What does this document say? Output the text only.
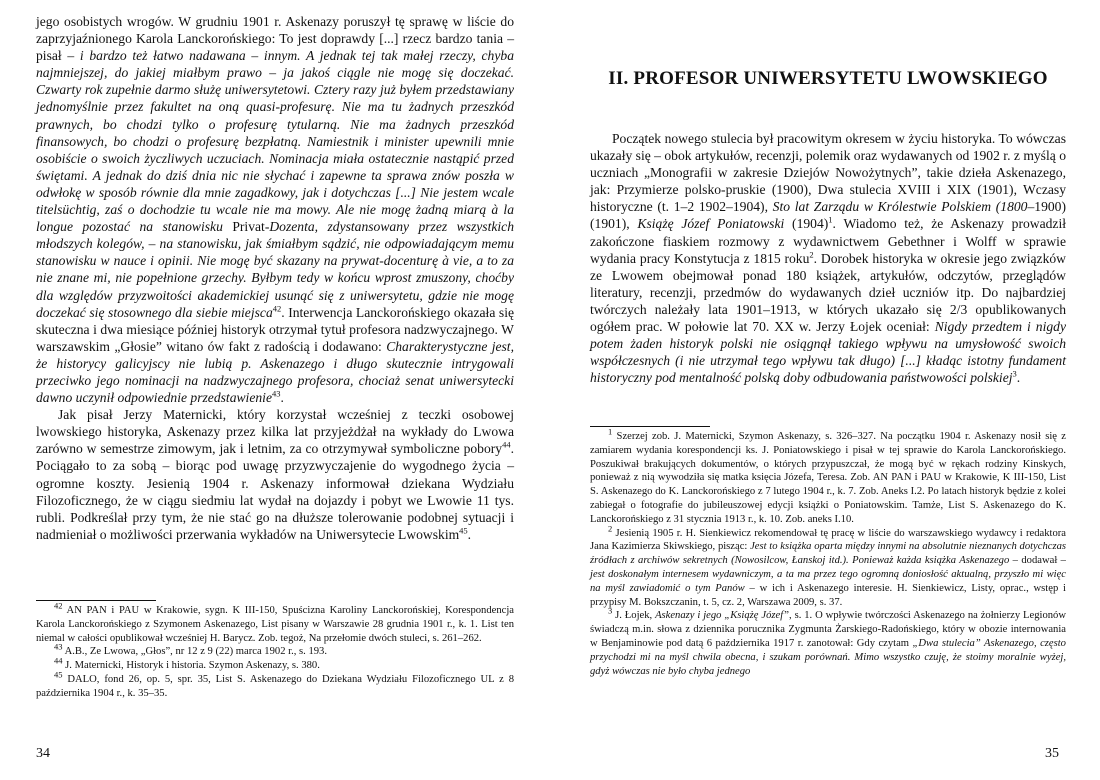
jego osobistych wrogów. W grudniu 1901 r. Askenazy poruszył tę sprawę w liście do zaprzyjaźnionego Karola Lanckorońskiego: To jest doprawdy [...] rzecz bardzo tania – pisał – i bardzo też łatwo nadawana – innym. A jednak tej tak małej rzeczy, chyba najmniejszej, do jakiej miałbym prawo – ja jakoś ciągle nie mogę się doczekać. Czwarty rok zupełnie darmo służę uniwersytetowi. Cztery razy już byłem przedstawiany jednomyślnie przez fakultet na oną quasi-profesurę. Nie ma tu żadnych przeszkód prawnych, bo chodzi tylko o profesurę tytularną. Nie ma żadnych przeszkód finansowych, bo chodzi o profesurę bezpłatną. Namiestnik i minister upewnili mnie osobiście o swoich życzliwych uczuciach. Nominacja miała ostatecznie nastąpić przed świętami. A jednak do dziś dnia nic nie słychać i zapewne ta sprawa znów poszła w odwłokę w sposób równie dla mnie zagadkowy, jak i dotychczas [...] Nie jestem wcale titelsüchtig, zaś o dochodzie tu wcale nie ma mowy. Ale nie mogę żadną miarą à la longue pozostać na stanowisku Privat-Dozenta, zdystansowany przez wszystkich młodszych kolegów, – na stanowisku, jak śmiałbym sądzić, nie odpowiadającym memu stanowisku w nauce i opinii. Nie mogę być skazany na prywat-docenturę à vie, a to za nie znane mi, nie popełnione grzechy. Byłbym tedy w końcu wprost zmuszony, choćby dla względów przyzwoitości akademickiej usunąć się z uniwersytetu, gdzie nie mogę doczekać się stosownego dla siebie miejsca$^{42}$. Interwencja Lanckorońskiego okazała się skuteczna i dwa miesiące później historyk otrzymał tytuł profesora nadzwyczajnego. W warszawskim „Głosie” witano ów fakt z radością i dodawano: Charakterystyczne jest, że historycy galicyjscy nie lubią p. Askenazego i długo skutecznie intrygowali przeciwko jego nominacji na nadzwyczajnego profesora, chociaż senat uniwersytecki dawno uczynił odpowiednie przedstawienie$^{43}$.

Jak pisał Jerzy Maternicki, który korzystał wcześniej z teczki osobowej lwowskiego historyka, Askenazy przez kilka lat przyjeżdżał na wykłady do Lwowa zarówno w semestrze zimowym, jak i letnim, za co otrzymywał symboliczne pobory$^{44}$. Pociągało to za sobą – biorąc pod uwagę przyzwyczajenie do wygodnego życia – ogromne koszty. Jesienią 1904 r. Askenazy informował dziekana Wydziału Filozoficznego, że w ciągu siedmiu lat wydał na dojazdy i pobyt we Lwowie 11 tys. rubli. Podkreślał przy tym, że nie stać go na dłuższe tolerowanie podobnej sytuacji i nadmieniał o możliwości przerwania wykładów na Uniwersytecie Lwowskim$^{45}$.

$^{42}$ AN PAN i PAU w Krakowie, sygn. K III-150, Spuścizna Karoliny Lanckorońskiej, Korespondencja Karola Lanckorońskiego z Szymonem Askenazego, List pisany w Warszawie 28 grudnia 1901 r., k. 1. List ten niemal w całości opublikował wcześniej H. Barycz. Zob. tegoż, Na przełomie dwóch stuleci, s. 261–262.

$^{43}$ A.B., Ze Lwowa, „Głos”, nr 12 z 9 (22) marca 1902 r., s. 193.

$^{44}$ J. Maternicki, Historyk i historia. Szymon Askenazy, s. 380.

$^{45}$ DALO, fond 26, op. 5, spr. 35, List S. Askenazego do Dziekana Wydziału Filozoficznego UL z 8 października 1904 r., k. 35–35.

34
II. PROFESOR UNIWERSYTETU LWOWSKIEGO

Początek nowego stulecia był pracowitym okresem w życiu historyka. To wówczas ukazały się – obok artykułów, recenzji, polemik oraz wydawanych od 1902 r. z myślą o uczniach „Monografii w zakresie Dziejów Nowożytnych”, takie dzieła Askenazego, jak: Przymierze polsko-pruskie (1900), Dwa stulecia XVIII i XIX (1901), Wczasy historyczne (t. 1–2 1902–1904), Sto lat Zarządu w Królestwie Polskiem (1800–1900) (1901), Książę Józef Poniatowski $(1904)^1$. Wiadomo też, że Askenazy prowadził zakończone fiaskiem rozmowy z wydawnictwem Gebethner i Wolff w sprawie wydania pracy Konstytucja z 1815 roku$^2$. Dorobek historyka w okresie jego związków ze Lwowem obejmował ponad 180 książek, artykułów, odczytów, przeglądów literatury, recenzji, przedmów do wydawanych dzieł uczniów itp. Do najbardziej twórczych należały lata 1901–1913, w których ukazało się 2/3 opublikowanych ogółem prac. W połowie lat 70. XX w. Jerzy Łojek oceniał: Nigdy przedtem i nigdy potem żaden historyk polski nie osiągnął takiego wpływu na umysłowość swoich współczesnych (i nie utrzymał tego wpływu tak długo) [...] kładąc istotny fundament historyczny pod mentalność polską doby odbudowania państwowości polskiej$^3$.

$^1$ Szerzej zob. J. Maternicki, Szymon Askenazy, s. 326–327. Na początku 1904 r. Askenazy nosił się z zamiarem wydania korespondencji ks. J. Poniatowskiego i pisał w tej sprawie do Karola Lanckorońskiego. Poszukiwał brakujących dokumentów, o których przypuszczał, że mogą być w rękach rodziny Kinskych, ponieważ z nią wywodziła się matka księcia Józefa, Teresa. Zob. AN PAN i PAU w Krakowie, K III-150, List S. Askenazego do K. Lanckorońskiego z 7 lutego 1904 r., k. 7. Zob. Aneks I.2. Po latach historyk będzie z kolei zabiegał o fotografie do jubileuszowej edycji książki o Poniatowskim. Tamże, List S. Askenazego do K. Lanckorońskiego z 31 stycznia 1913 r., k. 10. Zob. aneks I.10.

$^2$ Jesienią 1905 r. H. Sienkiewicz rekomendował tę pracę w liście do warszawskiego wydawcy i redaktora Jana Kazimierza Skiwskiego, pisząc: Jest to książka oparta między innymi na absolutnie nieznanych dotychczas źródłach z archiwów sekretnych (Nowosilcow, Łanskoj itd.). Ponieważ każda książka Askenazego – dodawał – jest doskonałym internesem wydawniczym, a ta ma przez tego ogromną doniosłość aktualną, przyszło mi więc na myśl zawiadomić o tym Panów – w ich i Askenazego interesie. H. Sienkiewicz, Listy, oprac., wstęp i przypisy M. Bokszczanin, t. 5, cz. 2, Warszawa 2009, s. 37.

$^3$ J. Łojek, Askenazy i jego „Książę Józef”, s. 1. O wpływie twórczości Askenazego na żołnierzy Legionów świadczą m.in. słowa z dziennika porucznika Zygmunta Żarskiego-Radońskiego, który w obozie internowania w Benjaminowie pod datą 6 października 1917 r. zanotował: Gdy czytam „Dwa stulecia” Askenazego, często przychodzi mi na myśl chwila obecna, i szukam porównań. Mimo wszystko czuję, że stoimy moralnie wyżej, gdyż wówczas nie było chyba jednego

35
